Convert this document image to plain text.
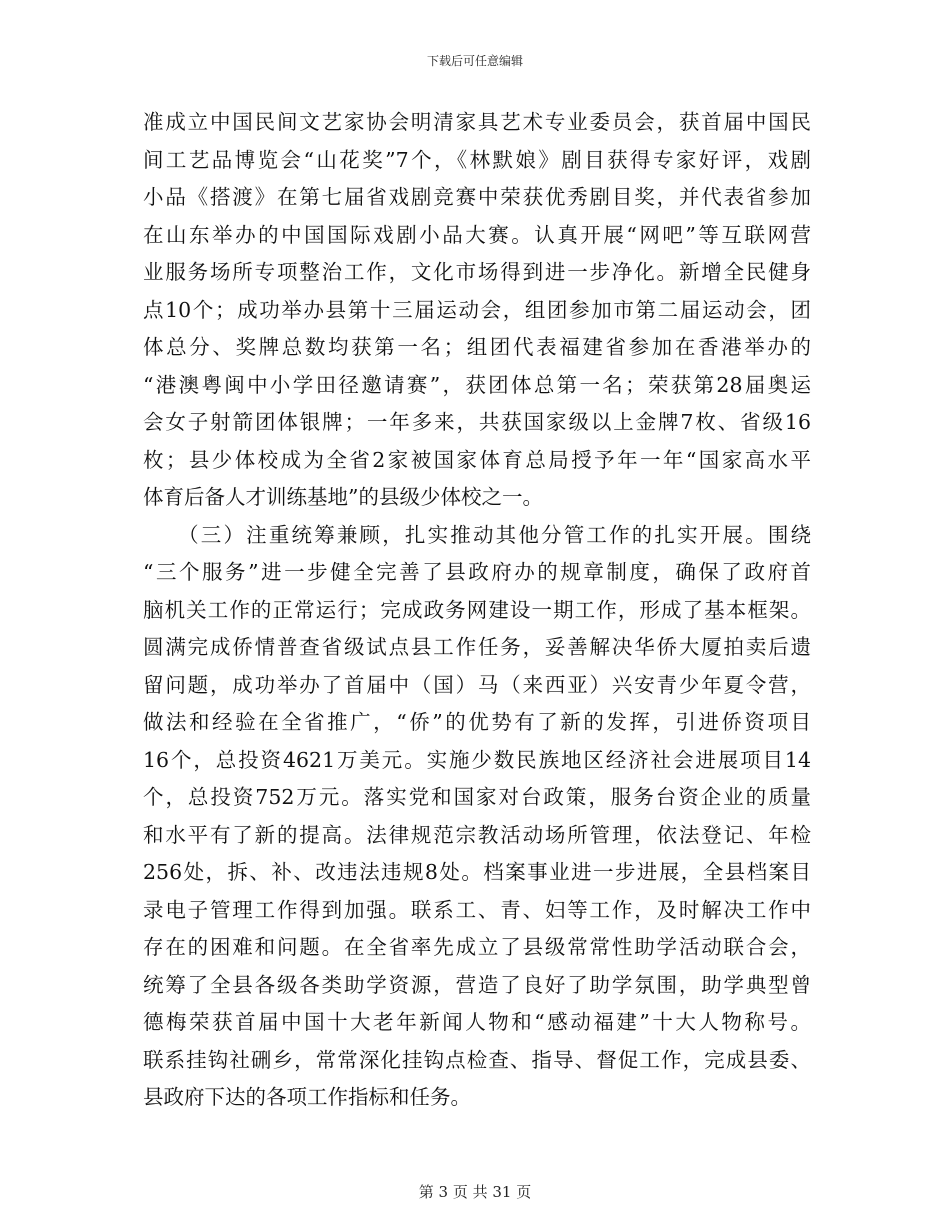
下载后可任意编辑
准成立中国民间文艺家协会明清家具艺术专业委员会，获首届中国民
间工艺品博览会“山花奖”7个，《林默娘》剧目获得专家好评，戏剧
小品《搭渡》在第七届省戏剧竞赛中荣获优秀剧目奖，并代表省参加
在山东举办的中国国际戏剧小品大赛。认真开展“网吧”等互联网营
业服务场所专项整治工作，文化市场得到进一步净化。新增全民健身
点10个；成功举办县第十三届运动会，组团参加市第二届运动会，团
体总分、奖牌总数均获第一名；组团代表福建省参加在香港举办的
“港澳粤闽中小学田径邀请赛”，获团体总第一名；荣获第28届奥运
会女子射箭团体银牌；一年多来，共获国家级以上金牌7枚、省级16
枚；县少体校成为全省2家被国家体育总局授予年一年“国家高水平
体育后备人才训练基地”的县级少体校之一。
　　（三）注重统筹兼顾，扎实推动其他分管工作的扎实开展。围绕
“三个服务”进一步健全完善了县政府办的规章制度，确保了政府首
脑机关工作的正常运行；完成政务网建设一期工作，形成了基本框架。
圆满完成侨情普查省级试点县工作任务，妥善解决华侨大厦拍卖后遗
留问题，成功举办了首届中（国）马（来西亚）兴安青少年夏令营，
做法和经验在全省推广，“侨”的优势有了新的发挥，引进侨资项目
16个，总投资4621万美元。实施少数民族地区经济社会进展项目14
个，总投资752万元。落实党和国家对台政策，服务台资企业的质量
和水平有了新的提高。法律规范宗教活动场所管理，依法登记、年检
256处，拆、补、改违法违规8处。档案事业进一步进展，全县档案目
录电子管理工作得到加强。联系工、青、妇等工作，及时解决工作中
存在的困难和问题。在全省率先成立了县级常常性助学活动联合会，
统筹了全县各级各类助学资源，营造了良好了助学氛围，助学典型曾
德梅荣获首届中国十大老年新闻人物和“感动福建”十大人物称号。
联系挂钩社硎乡，常常深化挂钩点检查、指导、督促工作，完成县委、
县政府下达的各项工作指标和任务。
第 3 页 共 31 页
